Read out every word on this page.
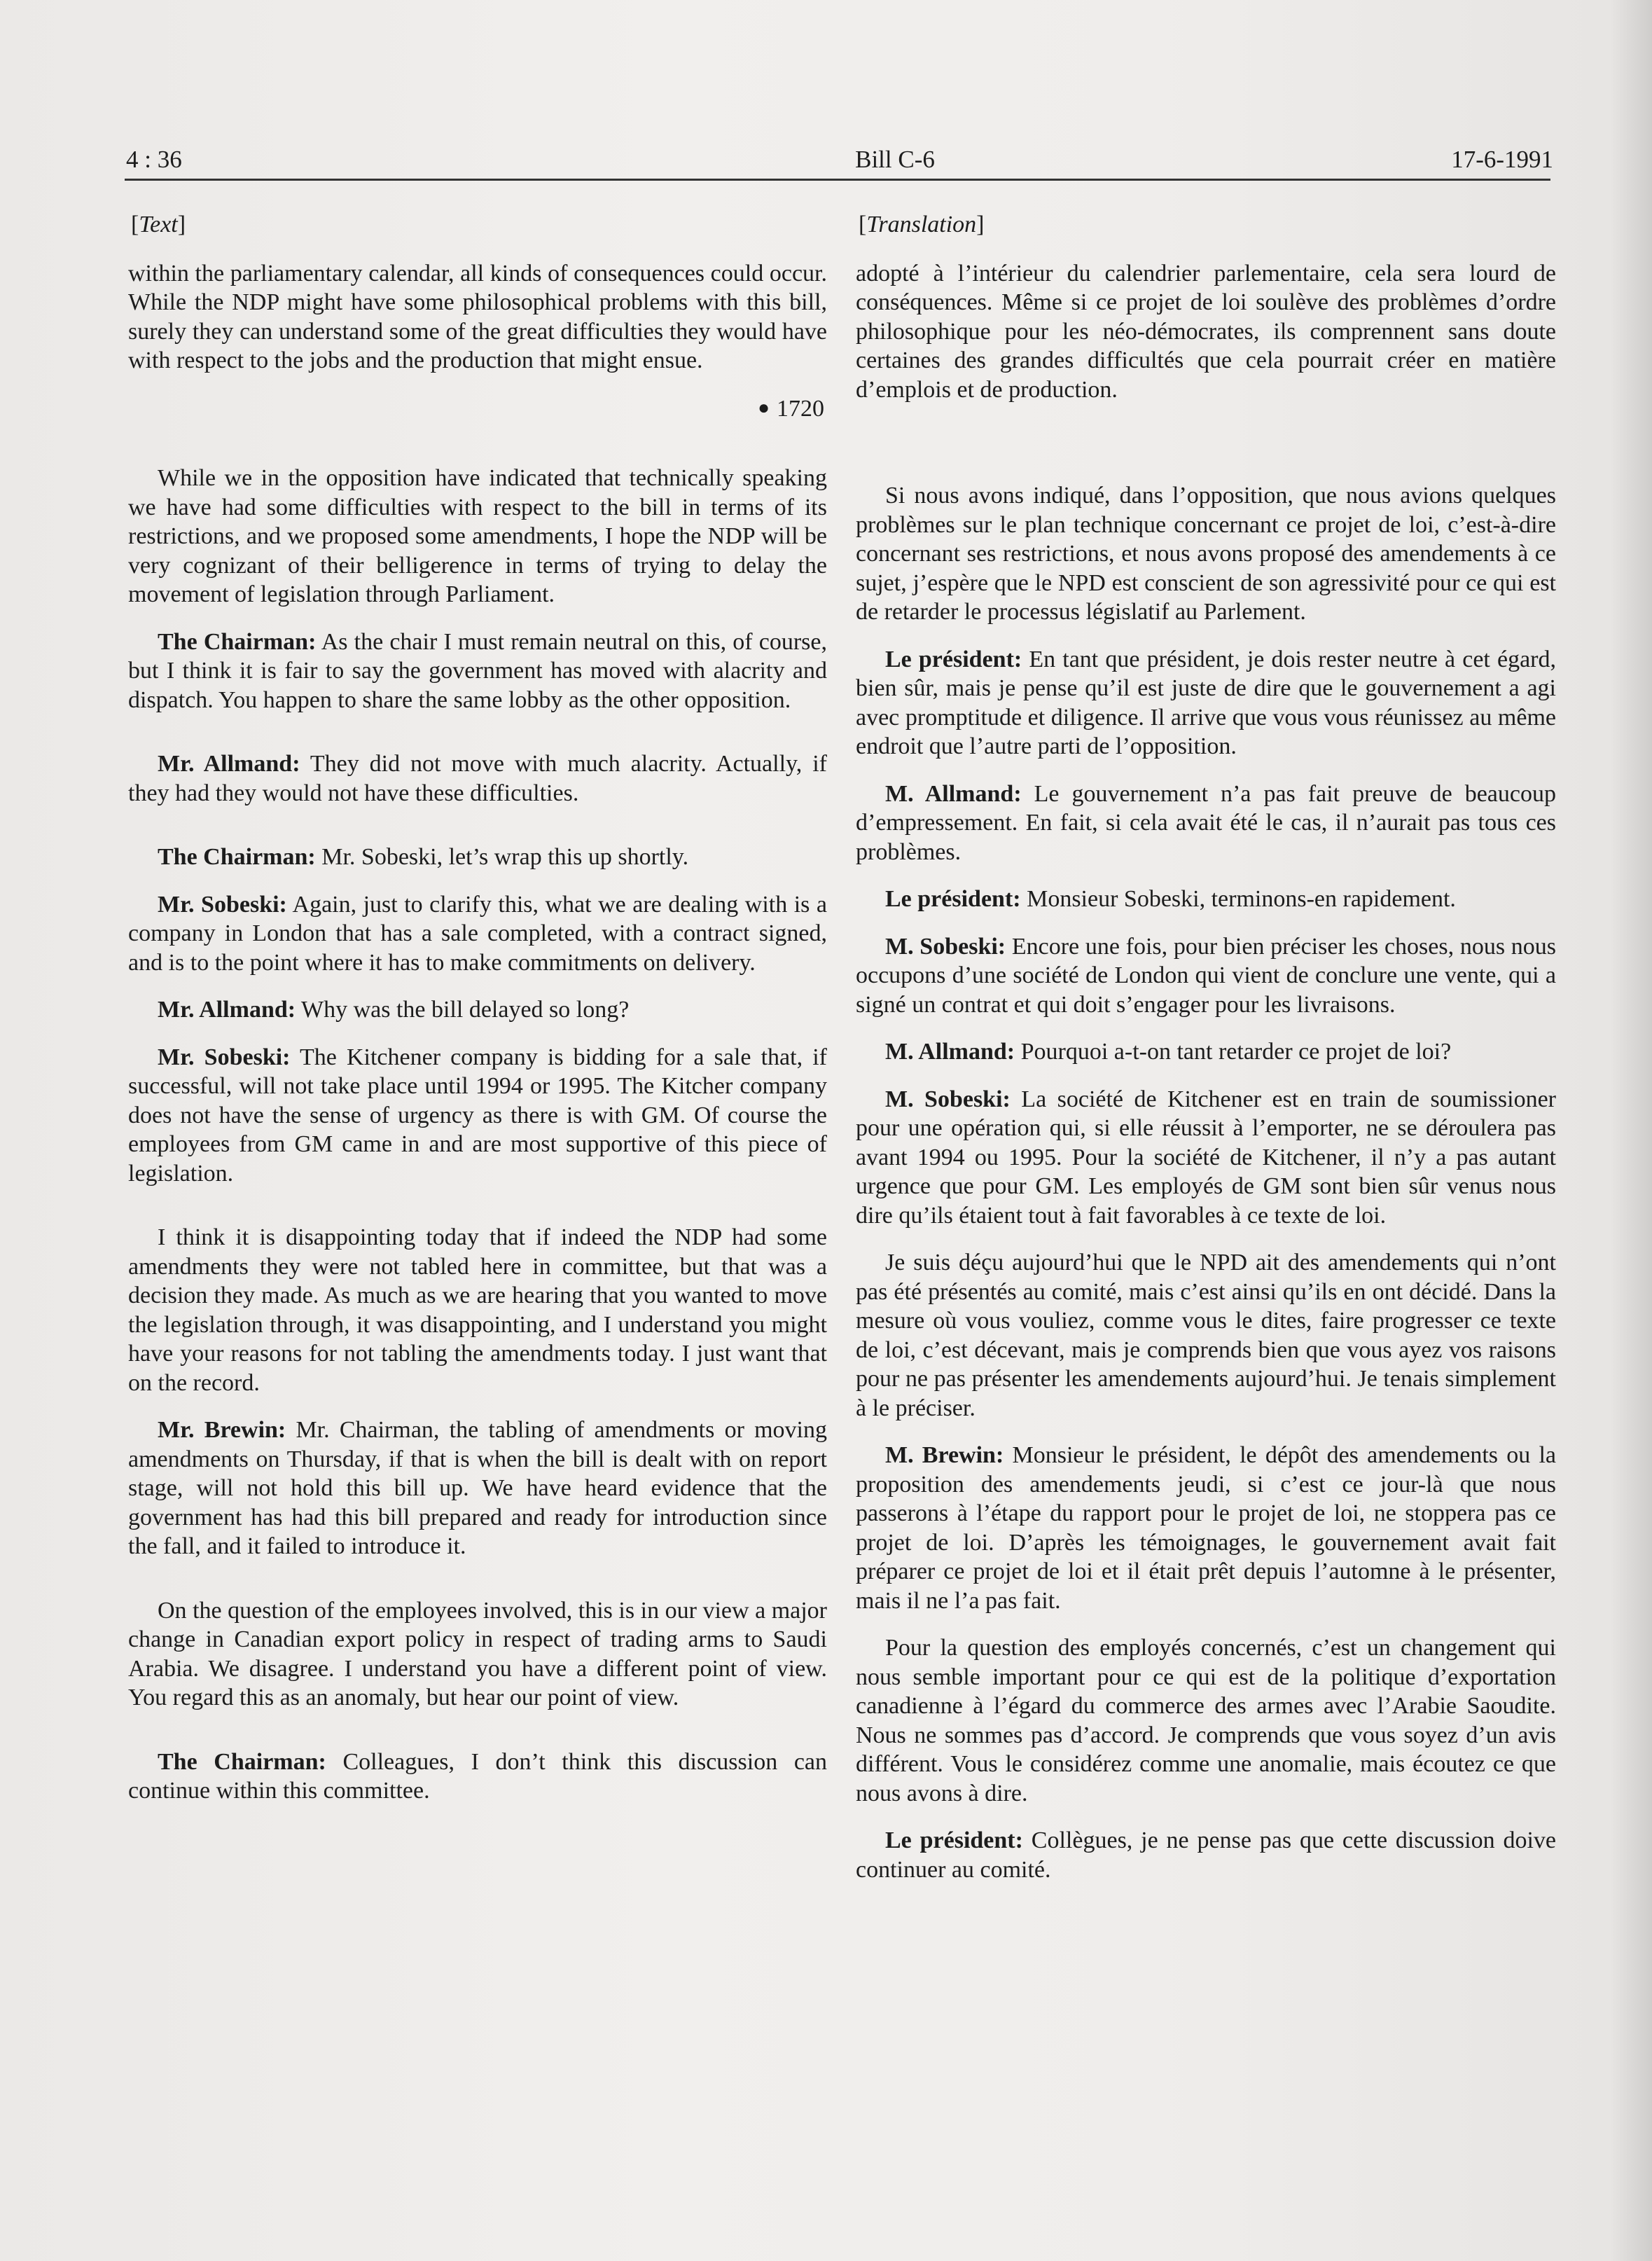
4 : 36	Bill C-6	17-6-1991
[Text]

within the parliamentary calendar, all kinds of consequences could occur. While the NDP might have some philosophical problems with this bill, surely they can understand some of the great difficulties they would have with respect to the jobs and the production that might ensue.

● 1720

While we in the opposition have indicated that technically speaking we have had some difficulties with respect to the bill in terms of its restrictions, and we proposed some amendments, I hope the NDP will be very cognizant of their belligerence in terms of trying to delay the movement of legislation through Parliament.

The Chairman: As the chair I must remain neutral on this, of course, but I think it is fair to say the government has moved with alacrity and dispatch. You happen to share the same lobby as the other opposition.

Mr. Allmand: They did not move with much alacrity. Actually, if they had they would not have these difficulties.

The Chairman: Mr. Sobeski, let’s wrap this up shortly.

Mr. Sobeski: Again, just to clarify this, what we are dealing with is a company in London that has a sale completed, with a contract signed, and is to the point where it has to make commitments on delivery.

Mr. Allmand: Why was the bill delayed so long?

Mr. Sobeski: The Kitchener company is bidding for a sale that, if successful, will not take place until 1994 or 1995. The Kitcher company does not have the sense of urgency as there is with GM. Of course the employees from GM came in and are most supportive of this piece of legislation.

I think it is disappointing today that if indeed the NDP had some amendments they were not tabled here in committee, but that was a decision they made. As much as we are hearing that you wanted to move the legislation through, it was disappointing, and I understand you might have your reasons for not tabling the amendments today. I just want that on the record.

Mr. Brewin: Mr. Chairman, the tabling of amendments or moving amendments on Thursday, if that is when the bill is dealt with on report stage, will not hold this bill up. We have heard evidence that the government has had this bill prepared and ready for introduction since the fall, and it failed to introduce it.

On the question of the employees involved, this is in our view a major change in Canadian export policy in respect of trading arms to Saudi Arabia. We disagree. I understand you have a different point of view. You regard this as an anomaly, but hear our point of view.

The Chairman: Colleagues, I don’t think this discussion can continue within this committee.

[Translation]

adopté à l’intérieur du calendrier parlementaire, cela sera lourd de conséquences. Même si ce projet de loi soulève des problèmes d’ordre philosophique pour les néo-démocrates, ils comprennent sans doute certaines des grandes difficultés que cela pourrait créer en matière d’emplois et de production.

Si nous avons indiqué, dans l’opposition, que nous avions quelques problèmes sur le plan technique concernant ce projet de loi, c’est-à-dire concernant ses restrictions, et nous avons proposé des amendements à ce sujet, j’espère que le NPD est conscient de son agressivité pour ce qui est de retarder le processus législatif au Parlement.

Le président: En tant que président, je dois rester neutre à cet égard, bien sûr, mais je pense qu’il est juste de dire que le gouvernement a agi avec promptitude et diligence. Il arrive que vous vous réunissez au même endroit que l’autre parti de l’opposition.

M. Allmand: Le gouvernement n’a pas fait preuve de beaucoup d’empressement. En fait, si cela avait été le cas, il n’aurait pas tous ces problèmes.

Le président: Monsieur Sobeski, terminons-en rapidement.

M. Sobeski: Encore une fois, pour bien préciser les choses, nous nous occupons d’une société de London qui vient de conclure une vente, qui a signé un contrat et qui doit s’engager pour les livraisons.

M. Allmand: Pourquoi a-t-on tant retarder ce projet de loi?

M. Sobeski: La société de Kitchener est en train de soumissioner pour une opération qui, si elle réussit à l’emporter, ne se déroulera pas avant 1994 ou 1995. Pour la société de Kitchener, il n’y a pas autant urgence que pour GM. Les employés de GM sont bien sûr venus nous dire qu’ils étaient tout à fait favorables à ce texte de loi.

Je suis déçu aujourd’hui que le NPD ait des amendements qui n’ont pas été présentés au comité, mais c’est ainsi qu’ils en ont décidé. Dans la mesure où vous vouliez, comme vous le dites, faire progresser ce texte de loi, c’est décevant, mais je comprends bien que vous ayez vos raisons pour ne pas présenter les amendements aujourd’hui. Je tenais simplement à le préciser.

M. Brewin: Monsieur le président, le dépôt des amendements ou la proposition des amendements jeudi, si c’est ce jour-là que nous passerons à l’étape du rapport pour le projet de loi, ne stoppera pas ce projet de loi. D’après les témoignages, le gouvernement avait fait préparer ce projet de loi et il était prêt depuis l’automne à le présenter, mais il ne l’a pas fait.

Pour la question des employés concernés, c’est un changement qui nous semble important pour ce qui est de la politique d’exportation canadienne à l’égard du commerce des armes avec l’Arabie Saoudite. Nous ne sommes pas d’accord. Je comprends que vous soyez d’un avis différent. Vous le considérez comme une anomalie, mais écoutez ce que nous avons à dire.

Le président: Collègues, je ne pense pas que cette discussion doive continuer au comité.
